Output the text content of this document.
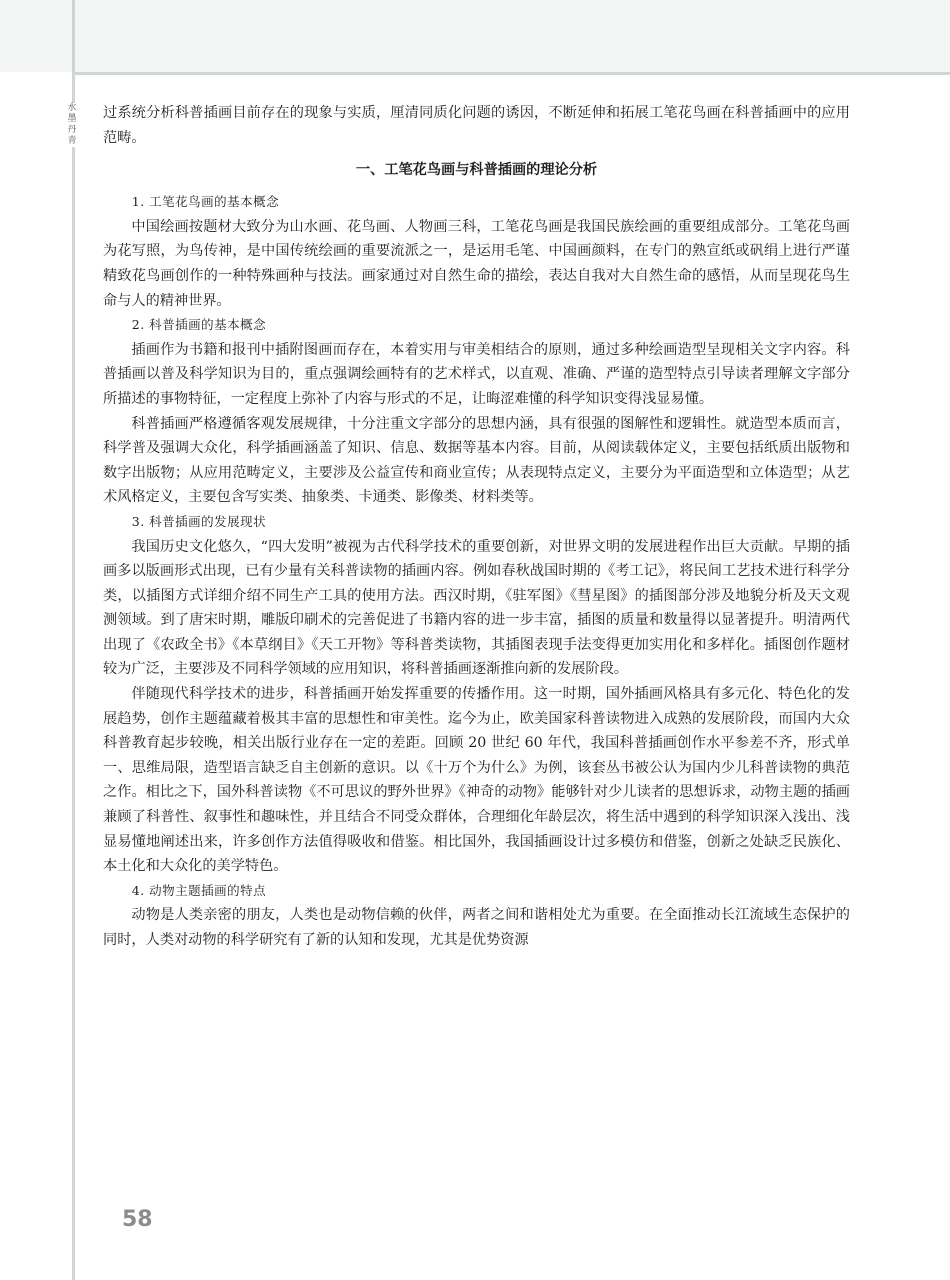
水墨丹青

过系统分析科普插画目前存在的现象与实质，厘清同质化问题的诱因，不断延伸和拓展工笔花鸟画在科普插画中的应用范畴。

一、工笔花鸟画与科普插画的理论分析
1. 工笔花鸟画的基本概念

中国绘画按题材大致分为山水画、花鸟画、人物画三科，工笔花鸟画是我国民族绘画的重要组成部分。工笔花鸟画为花写照，为鸟传神，是中国传统绘画的重要流派之一，是运用毛笔、中国画颜料，在专门的熟宣纸或矾绢上进行严谨精致花鸟画创作的一种特殊画种与技法。画家通过对自然生命的描绘，表达自我对大自然生命的感悟，从而呈现花鸟生命与人的精神世界。

2. 科普插画的基本概念

插画作为书籍和报刊中插附图画而存在，本着实用与审美相结合的原则，通过多种绘画造型呈现相关文字内容。科普插画以普及科学知识为目的，重点强调绘画特有的艺术样式，以直观、准确、严谨的造型特点引导读者理解文字部分所描述的事物特征，一定程度上弥补了内容与形式的不足，让晦涩难懂的科学知识变得浅显易懂。

科普插画严格遵循客观发展规律，十分注重文字部分的思想内涵，具有很强的图解性和逻辑性。就造型本质而言，科学普及强调大众化，科学插画涵盖了知识、信息、数据等基本内容。目前，从阅读载体定义，主要包括纸质出版物和数字出版物；从应用范畴定义，主要涉及公益宣传和商业宣传；从表现特点定义，主要分为平面造型和立体造型；从艺术风格定义，主要包含写实类、抽象类、卡通类、影像类、材料类等。

3. 科普插画的发展现状

我国历史文化悠久，“四大发明”被视为古代科学技术的重要创新，对世界文明的发展进程作出巨大贡献。早期的插画多以版画形式出现，已有少量有关科普读物的插画内容。例如春秋战国时期的《考工记》，将民间工艺技术进行科学分类，以插图方式详细介绍不同生产工具的使用方法。西汉时期，《驻军图》《彗星图》的插图部分涉及地貌分析及天文观测领域。到了唐宋时期，雕版印刷术的完善促进了书籍内容的进一步丰富，插图的质量和数量得以显著提升。明清两代出现了《农政全书》《本草纲目》《天工开物》等科普类读物，其插图表现手法变得更加实用化和多样化。插图创作题材较为广泛，主要涉及不同科学领域的应用知识，将科普插画逐渐推向新的发展阶段。

伴随现代科学技术的进步，科普插画开始发挥重要的传播作用。这一时期，国外插画风格具有多元化、特色化的发展趋势，创作主题蕴藏着极其丰富的思想性和审美性。迄今为止，欧美国家科普读物进入成熟的发展阶段，而国内大众科普教育起步较晚，相关出版行业存在一定的差距。回顾 20 世纪 60 年代，我国科普插画创作水平参差不齐，形式单一、思维局限，造型语言缺乏自主创新的意识。以《十万个为什么》为例，该套丛书被公认为国内少儿科普读物的典范之作。相比之下，国外科普读物《不可思议的野外世界》《神奇的动物》能够针对少儿读者的思想诉求，动物主题的插画兼顾了科普性、叙事性和趣味性，并且结合不同受众群体，合理细化年龄层次，将生活中遇到的科学知识深入浅出、浅显易懂地阐述出来，许多创作方法值得吸收和借鉴。相比国外，我国插画设计过多模仿和借鉴，创新之处缺乏民族化、本土化和大众化的美学特色。

4. 动物主题插画的特点

动物是人类亲密的朋友，人类也是动物信赖的伙伴，两者之间和谐相处尤为重要。在全面推动长江流域生态保护的同时，人类对动物的科学研究有了新的认知和发现，尤其是优势资源

58
